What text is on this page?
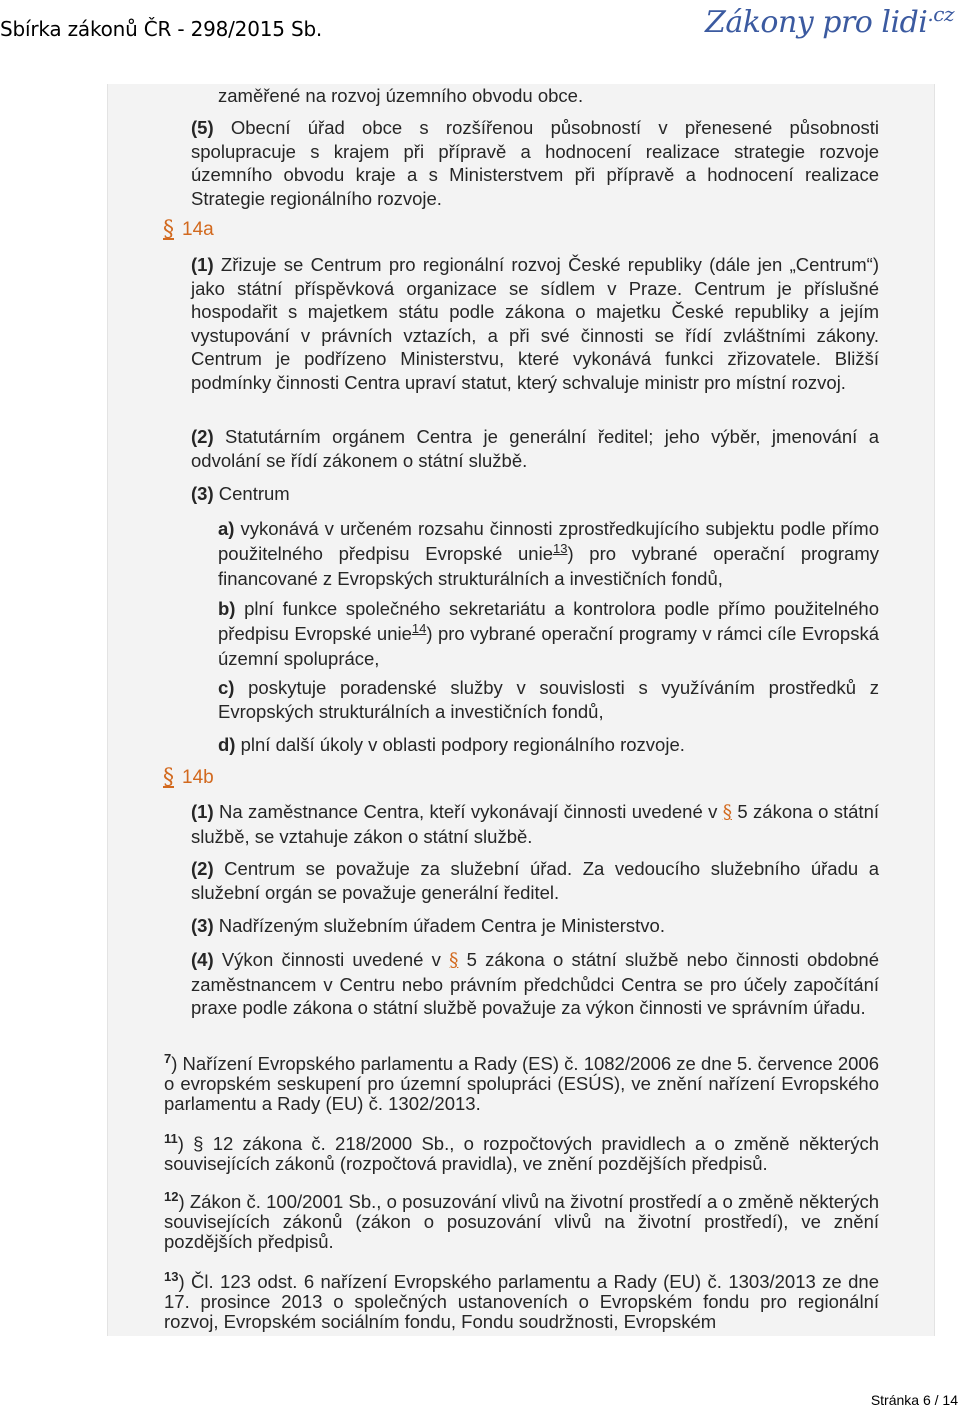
Sbírka zákonů ČR - 298/2015 Sb.	Zákony pro lidi$^{.cz}$

zaměřené na rozvoj územního obvodu obce.

(5) Obecní úřad obce s rozšířenou působností v přenesené působnosti spolupracuje s krajem při přípravě a hodnocení realizace strategie rozvoje územního obvodu kraje a s Ministerstvem při přípravě a hodnocení realizace Strategie regionálního rozvoje.

§ 14a

(1) Zřizuje se Centrum pro regionální rozvoj České republiky (dále jen „Centrum“) jako státní příspěvková organizace se sídlem v Praze. Centrum je příslušné hospodařit s majetkem státu podle zákona o majetku České republiky a jejím vystupování v právních vztazích, a při své činnosti se řídí zvláštními zákony. Centrum je podřízeno Ministerstvu, které vykonává funkci zřizovatele. Bližší podmínky činnosti Centra upraví statut, který schvaluje ministr pro místní rozvoj.

(2) Statutárním orgánem Centra je generální ředitel; jeho výběr, jmenování a odvolání se řídí zákonem o státní službě.

(3) Centrum

a) vykonává v určeném rozsahu činnosti zprostředkujícího subjektu podle přímo použitelného předpisu Evropské unie$^{13}$) pro vybrané operační programy financované z Evropských strukturálních a investičních fondů,

b) plní funkce společného sekretariátu a kontrolora podle přímo použitelného předpisu Evropské unie$^{14}$) pro vybrané operační programy v rámci cíle Evropská územní spolupráce,

c) poskytuje poradenské služby v souvislosti s využíváním prostředků z Evropských strukturálních a investičních fondů,

d) plní další úkoly v oblasti podpory regionálního rozvoje.

§ 14b

(1) Na zaměstnance Centra, kteří vykonávají činnosti uvedené v § 5 zákona o státní službě, se vztahuje zákon o státní službě.

(2) Centrum se považuje za služební úřad. Za vedoucího služebního úřadu a služební orgán se považuje generální ředitel.

(3) Nadřízeným služebním úřadem Centra je Ministerstvo.

(4) Výkon činnosti uvedené v § 5 zákona o státní službě nebo činnosti obdobné zaměstnancem v Centru nebo právním předchůdci Centra se pro účely započítání praxe podle zákona o státní službě považuje za výkon činnosti ve správním úřadu.

$^7$) Nařízení Evropského parlamentu a Rady (ES) č. 1082/2006 ze dne 5. července 2006 o evropském seskupení pro územní spolupráci (ESÚS), ve znění nařízení Evropského parlamentu a Rady (EU) č. 1302/2013.

$^{11}$) § 12 zákona č. 218/2000 Sb., o rozpočtových pravidlech a o změně některých souvisejících zákonů (rozpočtová pravidla), ve znění pozdějších předpisů.

$^{12}$) Zákon č. 100/2001 Sb., o posuzování vlivů na životní prostředí a o změně některých souvisejících zákonů (zákon o posuzování vlivů na životní prostředí), ve znění pozdějších předpisů.

$^{13}$) Čl. 123 odst. 6 nařízení Evropského parlamentu a Rady (EU) č. 1303/2013 ze dne 17. prosince 2013 o společných ustanoveních o Evropském fondu pro regionální rozvoj, Evropském sociálním fondu, Fondu soudržnosti, Evropském

Stránka 6 / 14
